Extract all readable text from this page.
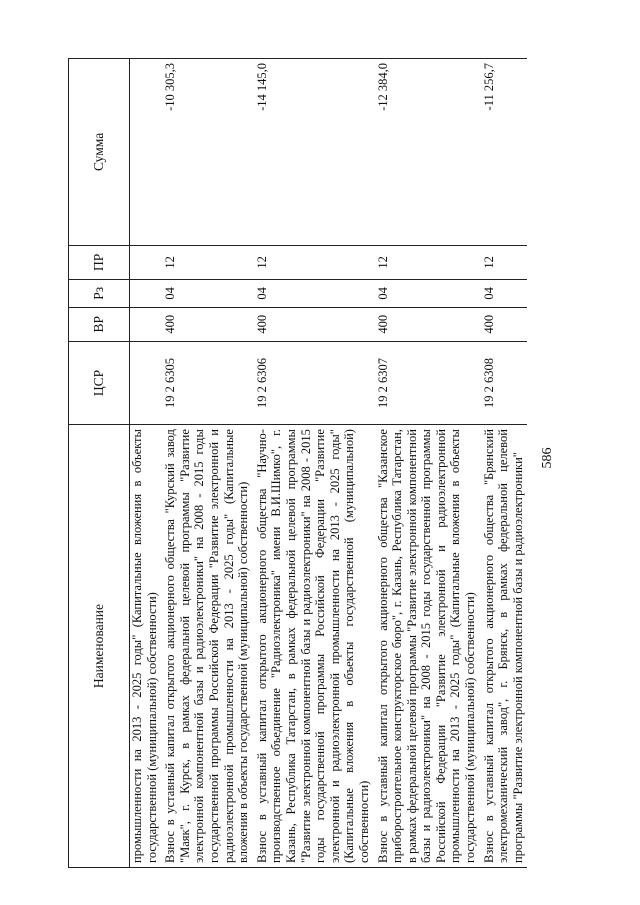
586
Наименование	ЦСР	ВР	Рз	ПР	Сумма
промышленности на 2013 - 2025 годы" (Капитальные вложения в объекты государственной (муниципальной) собственности)					
Взнос в уставный капитал открытого акционерного общества "Курский завод "Маяк", г. Курск, в рамках федеральной целевой программы "Развитие электронной компонентной базы и радиоэлектроники" на 2008 - 2015 годы государственной программы Российской Федерации "Развитие электронной и радиоэлектронной промышленности на 2013 - 2025 годы" (Капитальные вложения в объекты государственной (муниципальной) собственности)	19 2 6305	400	04	12	-10 305,3
Взнос в уставный капитал открытого акционерного общества "Научно-производственное объединение "Радиоэлектроника" имени В.И.Шимко", г. Казань, Республика Татарстан, в рамках федеральной целевой программы "Развитие электронной компонентной базы и радиоэлектроники" на 2008 - 2015 годы государственной программы Российской Федерации "Развитие электронной и радиоэлектронной промышленности на 2013 - 2025 годы" (Капитальные вложения в объекты государственной (муниципальной) собственности)	19 2 6306	400	04	12	-14 145,0
Взнос в уставный капитал открытого акционерного общества "Казанское приборостроительное конструкторское бюро", г. Казань, Республика Татарстан, в рамках федеральной целевой программы "Развитие электронной компонентной базы и радиоэлектроники" на 2008 - 2015 годы государственной программы Российской Федерации "Развитие электронной и радиоэлектронной промышленности на 2013 - 2025 годы" (Капитальные вложения в объекты государственной (муниципальной) собственности)	19 2 6307	400	04	12	-12 384,0
Взнос в уставный капитал открытого акционерного общества "Брянский электромеханический завод", г. Брянск, в рамках федеральной целевой программы "Развитие электронной компонентной базы и радиоэлектроники"	19 2 6308	400	04	12	-11 256,7
